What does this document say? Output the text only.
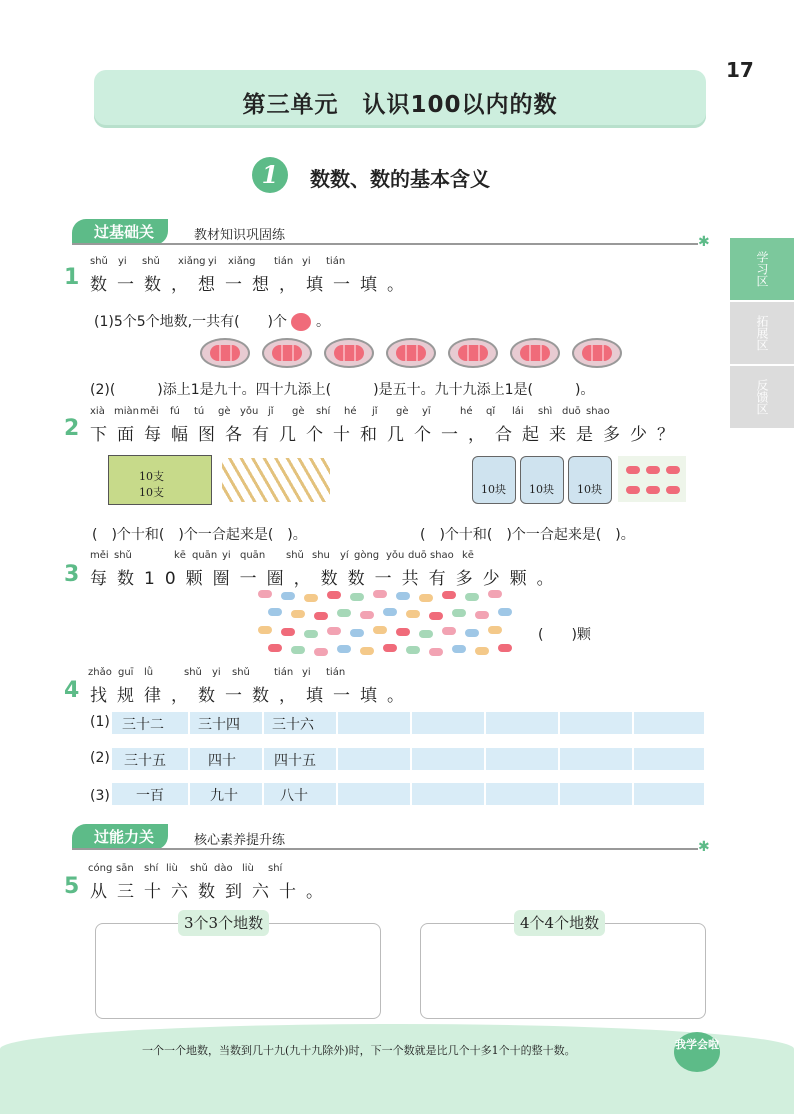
17
第三单元　认识100以内的数
1	数数、数的基本含义
学习区
拓展区
反馈区
过基础关	教材知识巩固练	✱
1
shǔ yi shǔ xiǎng yi xiǎng tián yi tián
数一数，想一想，填一填。
(1)5个5个地数,一共有(　　)个 。
(2)(　　　)添上1是九十。四十九添上(　　　)是五十。九十九添上1是(　　　)。
2
xià miàn měi fú tú gè yǒu jǐ gè shí hé jǐ gè yī	hé qǐ lái shì duō shao
下面每幅图各有几个十和几个一，合起来是多少？
10支
10支	10块 10块 10块
(　)个十和(　)个一合起来是(　)。	(　)个十和(　)个一合起来是(　)。
3
měi shǔ	kē quān yi quān shǔ shu yí gòng yǒu duō shao kē
每数10颗圈一圈，数数一共有多少颗。
(　　)颗
4
zhǎo guī lǜ	shǔ yi shǔ tián yi tián
找规律，数一数，填一填。
(1) 三十二 三十四 三十六
(2) 三十五	四十	四十五
(3) 一百	九十	八十
过能力关	核心素养提升练	✱
5
cóng sān shí liù shǔ dào liù shí
从三十六数到六十。
3个3个地数	4个4个地数
一个一个地数，当数到几十九(九十九除外)时，下一个数就是比几个十多1个十的整十数。	我学会啦
